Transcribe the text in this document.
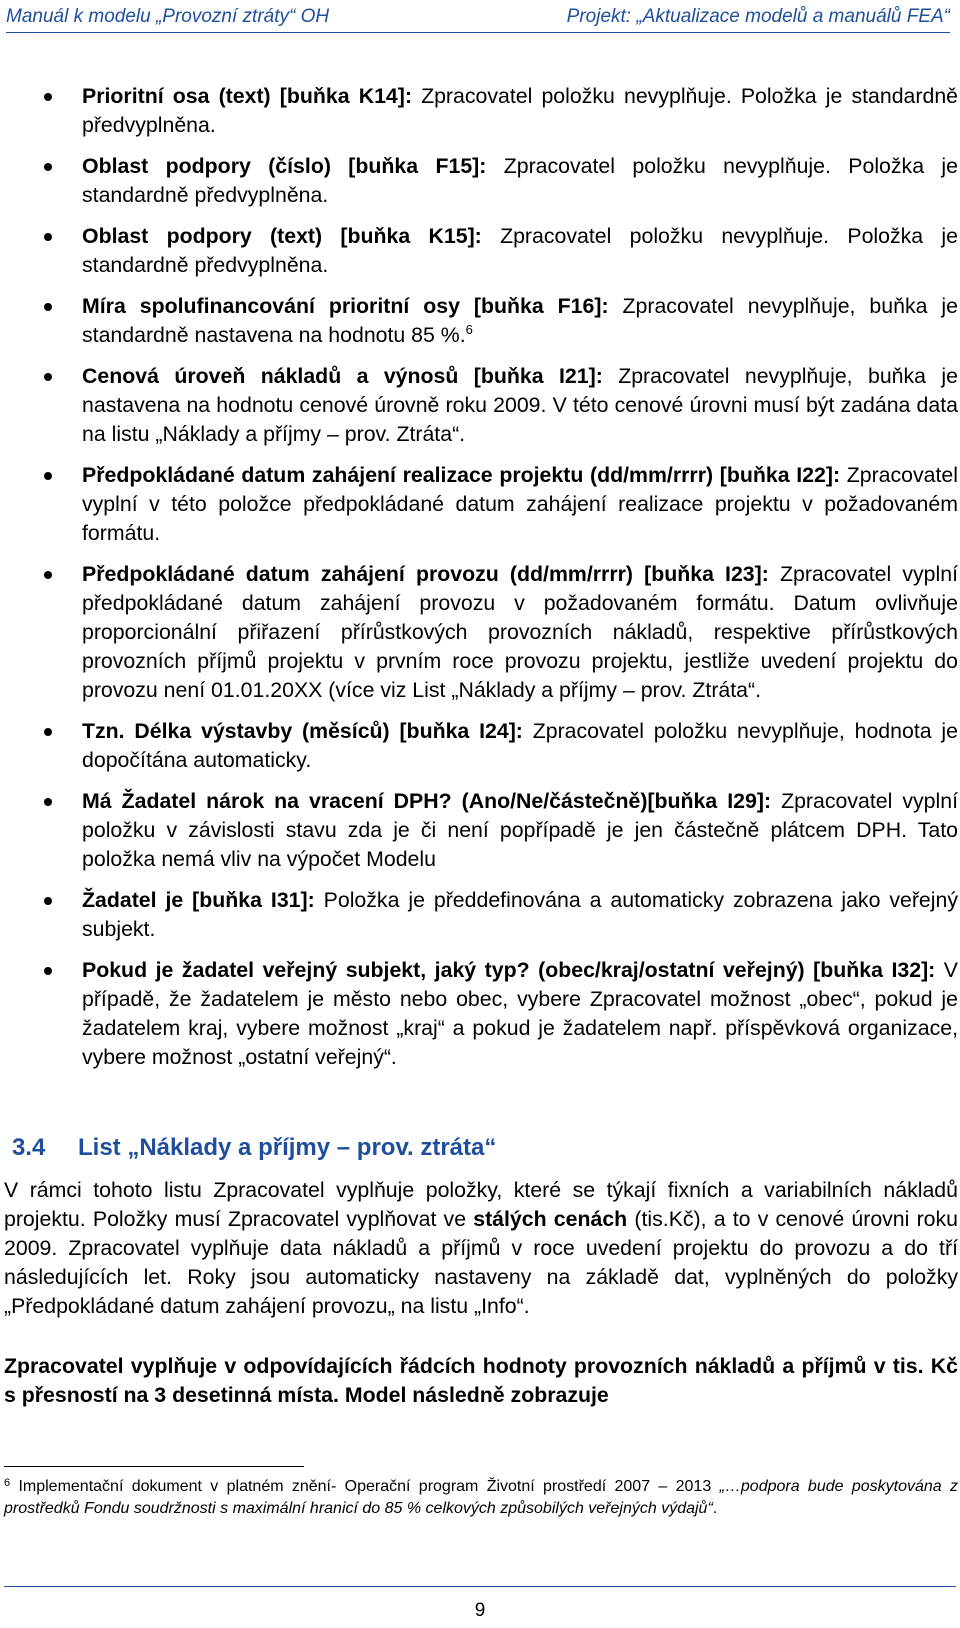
Manuál k modelu „Provozní ztráty“ OH	Projekt: „Aktualizace modelů a manuálů FEA“
Prioritní osa (text) [buňka K14]: Zpracovatel položku nevyplňuje. Položka je standardně předvyplněna.
Oblast podpory (číslo) [buňka F15]: Zpracovatel položku nevyplňuje. Položka je standardně předvyplněna.
Oblast podpory (text) [buňka K15]: Zpracovatel položku nevyplňuje. Položka je standardně předvyplněna.
Míra spolufinancování prioritní osy [buňka F16]: Zpracovatel nevyplňuje, buňka je standardně nastavena na hodnotu 85 %.$^6$
Cenová úroveň nákladů a výnosů [buňka I21]: Zpracovatel nevyplňuje, buňka je nastavena na hodnotu cenové úrovně roku 2009. V této cenové úrovni musí být zadána data na listu „Náklady a příjmy – prov. Ztráta“.
Předpokládané datum zahájení realizace projektu (dd/mm/rrrr) [buňka I22]: Zpracovatel vyplní v této položce předpokládané datum zahájení realizace projektu v požadovaném formátu.
Předpokládané datum zahájení provozu (dd/mm/rrrr) [buňka I23]: Zpracovatel vyplní předpokládané datum zahájení provozu v požadovaném formátu. Datum ovlivňuje proporcionální přiřazení přírůstkových provozních nákladů, respektive přírůstkových provozních příjmů projektu v prvním roce provozu projektu, jestliže uvedení projektu do provozu není 01.01.20XX (více viz List „Náklady a příjmy – prov. Ztráta“.
Tzn. Délka výstavby (měsíců) [buňka I24]: Zpracovatel položku nevyplňuje, hodnota je dopočítána automaticky.
Má Žadatel nárok na vracení DPH? (Ano/Ne/částečně)[buňka I29]: Zpracovatel vyplní položku v závislosti stavu zda je či není popřípadě je jen částečně plátcem DPH. Tato položka nemá vliv na výpočet Modelu
Žadatel je [buňka I31]: Položka je předdefinována a automaticky zobrazena jako veřejný subjekt.
Pokud je žadatel veřejný subjekt, jaký typ? (obec/kraj/ostatní veřejný) [buňka I32]: V případě, že žadatelem je město nebo obec, vybere Zpracovatel možnost „obec“, pokud je žadatelem kraj, vybere možnost „kraj“ a pokud je žadatelem např. příspěvková organizace, vybere možnost „ostatní veřejný“.
3.4 List „Náklady a příjmy – prov. ztráta“
V rámci tohoto listu Zpracovatel vyplňuje položky, které se týkají fixních a variabilních nákladů projektu. Položky musí Zpracovatel vyplňovat ve stálých cenách (tis.Kč), a to v cenové úrovni roku 2009. Zpracovatel vyplňuje data nákladů a příjmů v roce uvedení projektu do provozu a do tří následujících let. Roky jsou automaticky nastaveny na základě dat, vyplněných do položky „Předpokládané datum zahájení provozu„ na listu „Info“.
Zpracovatel vyplňuje v odpovídajících řádcích hodnoty provozních nákladů a příjmů v tis. Kč s přesností na 3 desetinná místa. Model následně zobrazuje
$^6$ Implementační dokument v platném znění- Operační program Životní prostředí 2007 – 2013 „…podpora bude poskytována z prostředků Fondu soudržnosti s maximální hranicí do 85 % celkových způsobilých veřejných výdajů“.
9
